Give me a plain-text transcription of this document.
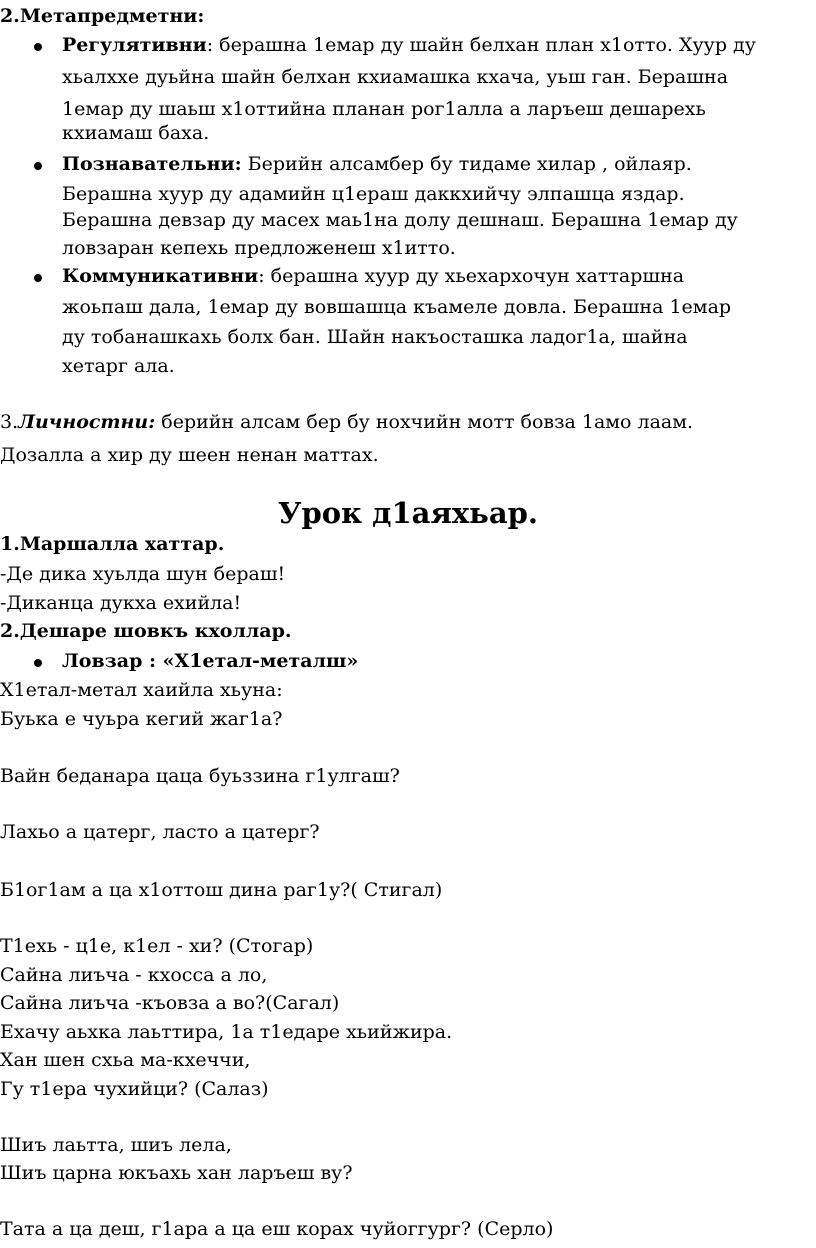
2.Метапредметни:
Регулятивни: берашна 1емар ду шайн белхан план х1отто. Хуур ду
хьалхxe дуьйна шайн белхан кхиамашка кхача, уьш ган. Берашна
1емар ду шаьш х1оттийна планан рог1аллa а ларъеш дешарехь
кхиамаш баха.
Познавательни: Берийн алсамбер бу тидаме хилар , ойлаяр.
Берашна хуур ду адамийн ц1ераш даккхийчу элпашца яздар.
Берашна девзар ду масех маь1на долу дешнаш. Берашна 1емар ду
ловзаран кепехь предложенеш х1итто.
Коммуникативни: берашна хуур ду хьехархочун хаттаршна
жоьпаш дала, 1емар ду вовшашца къамеле довла. Берашна 1емар
ду тобанашкахь болх бан. Шайн накъосташка ладог1а, шайна
хетарг ала.
3.Личностни: берийн алсам бер бу нохчийн мотт бовза 1амо лаам.
Дозалла а хир ду шеен ненан маттах.
Урок д1аяхьар.
1.Маршалла хаттар.
-Де дика хуьлда шун бераш!
-Диканца дукха ехийла!
2.Дешаре шовкъ кхоллар.
Ловзар : «Х1етал-металш»
Х1етал-метал хаийла хьуна:
Буька е чуьра кегий жаг1а?
Вайн беданара цаца буьззина г1улгаш?
Лахьо а цатерг, ласто а цатерг?
Б1ог1ам а ца х1оттош дина раг1у?( Стигал)
Т1ехь - ц1е, к1ел - хи? (Стогар)
Сайна лиъча - кхосса а ло,
Сайна лиъча -къовза а во?(Сагал)
Ехачу аьхка лаьттира, 1а т1едаре хьийжира.
Хан шен схьа ма-кхеччи,
Гу т1ера чухийци? (Салаз)
Шиъ лаьтта, шиъ лела,
Шиъ царна юкъахь хан ларъеш ву?
Тата а ца деш, г1ара а ца еш корах чуйоггург? (Серло)
